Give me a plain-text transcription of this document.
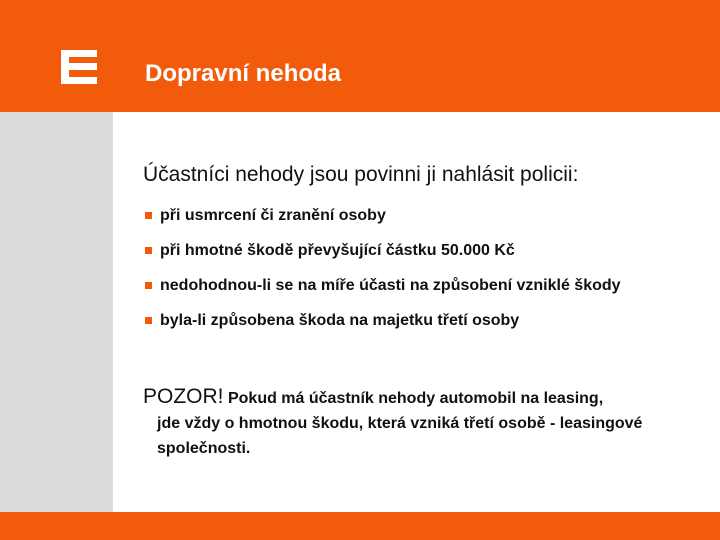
Dopravní nehoda
Účastníci nehody jsou povinni ji nahlásit policii:
při usmrcení či zranění osoby
při hmotné škodě převyšující částku 50.000 Kč
nedohodnou-li se na míře účasti na způsobení vzniklé škody
byla-li způsobena škoda na majetku třetí osoby
POZOR! Pokud má účastník nehody automobil na leasing,
jde vždy o hmotnou škodu, která vzniká třetí osobě - leasingové společnosti.
